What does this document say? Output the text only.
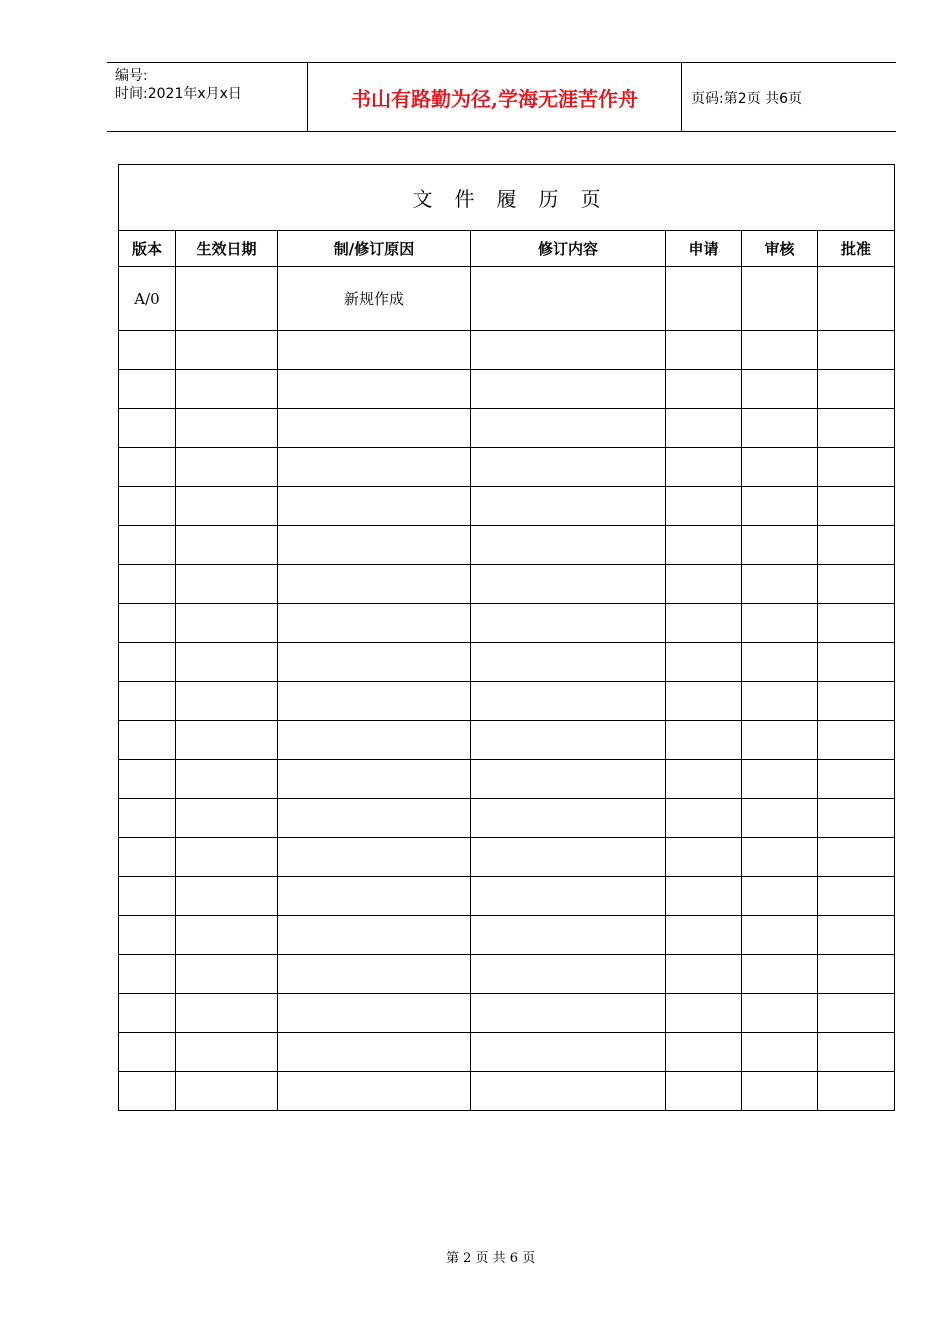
编号:
时间:2021年x月x日	书山有路勤为径,学海无涯苦作舟	页码:第2页 共6页
文件履历页						
版本	生效日期	制/修订原因	修订内容	申请	审核	批准
A/0		新规作成				

第 2 页 共 6 页
